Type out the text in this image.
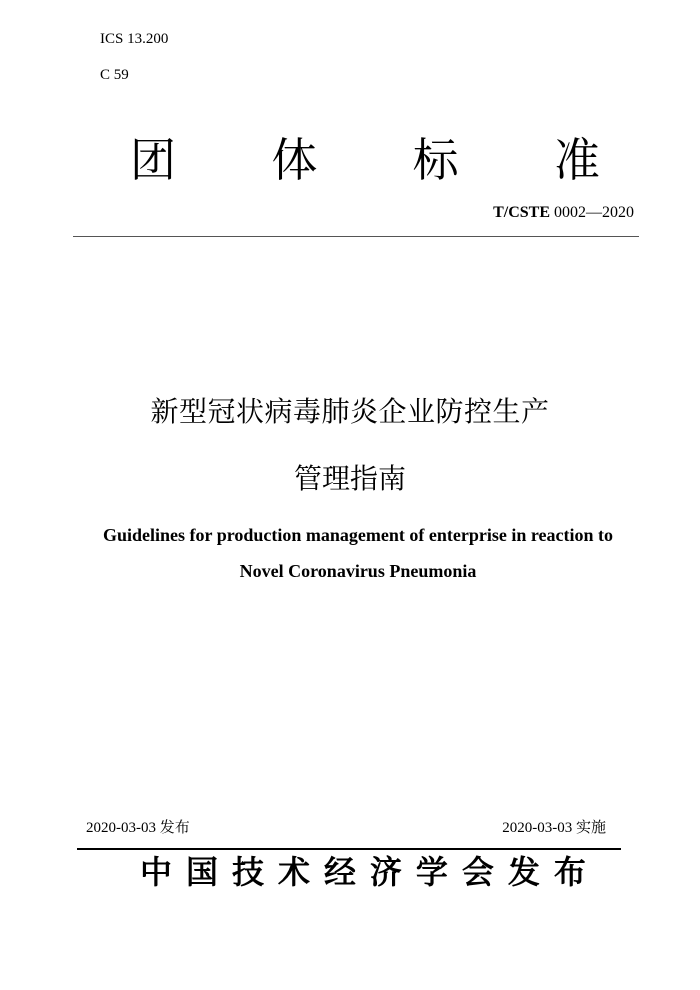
ICS 13.200
C 59
团 体 标 准
T/CSTE 0002—2020
新型冠状病毒肺炎企业防控生产
管理指南
Guidelines for production management of enterprise in reaction to
Novel Coronavirus Pneumonia
2020-03-03 发布	2020-03-03 实施
中 国 技 术 经 济 学 会 发 布
